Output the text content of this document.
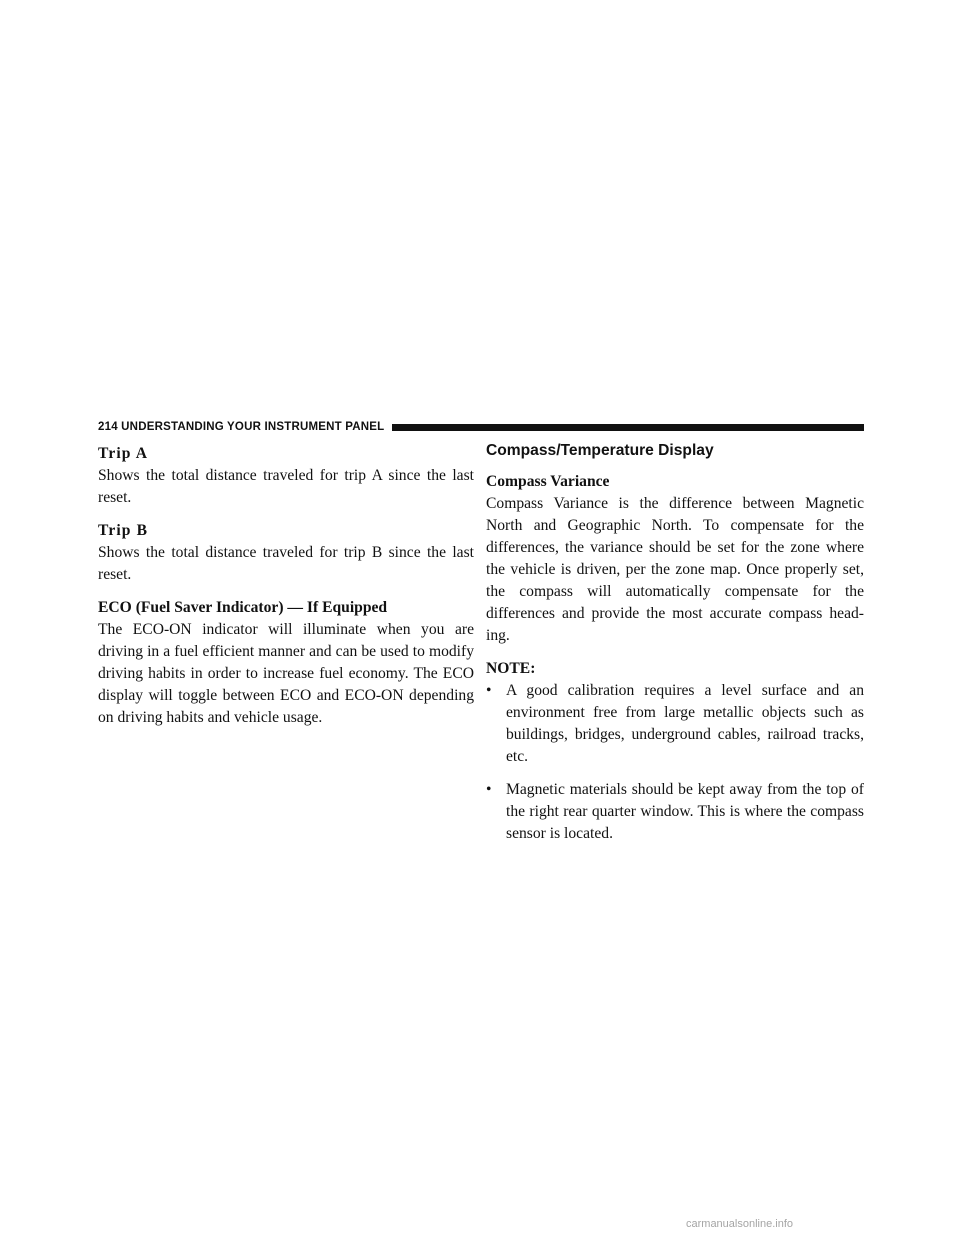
214 UNDERSTANDING YOUR INSTRUMENT PANEL
Trip A
Shows the total distance traveled for trip A since the last reset.
Trip B
Shows the total distance traveled for trip B since the last reset.
ECO (Fuel Saver Indicator) — If Equipped
The ECO-ON indicator will illuminate when you are driving in a fuel efficient manner and can be used to modify driving habits in order to increase fuel economy. The ECO display will toggle between ECO and ECO-ON depending on driving habits and vehicle usage.
Compass/Temperature Display
Compass Variance
Compass Variance is the difference between Magnetic North and Geographic North. To compensate for the differences, the variance should be set for the zone where the vehicle is driven, per the zone map. Once properly set, the compass will automatically compensate for the differences and provide the most accurate compass head-ing.
NOTE:
• A good calibration requires a level surface and an environment free from large metallic objects such as buildings, bridges, underground cables, railroad tracks, etc.
• Magnetic materials should be kept away from the top of the right rear quarter window. This is where the compass sensor is located.
carmanualsonline.info
